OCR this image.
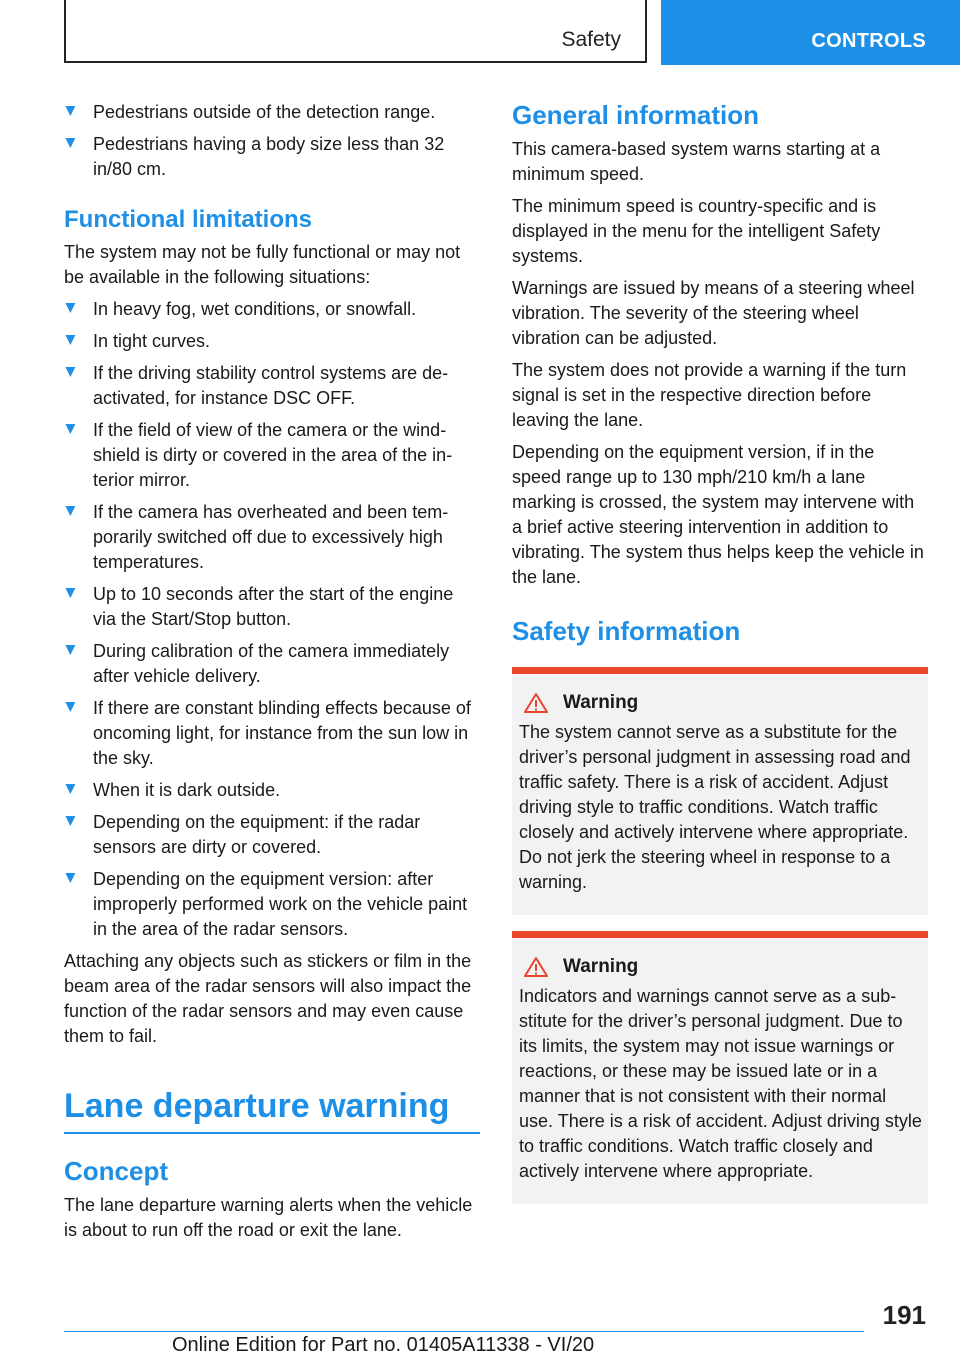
Safety	CONTROLS
▶ Pedestrians outside of the detection range.
▶ Pedestrians having a body size less than 32 in/80 cm.
Functional limitations

The system may not be fully functional or may not be available in the following situations:

▶ In heavy fog, wet conditions, or snowfall.
▶ In tight curves.
▶ If the driving stability control systems are deactivated, for instance DSC OFF.
▶ If the field of view of the camera or the windshield is dirty or covered in the area of the interior mirror.
▶ If the camera has overheated and been temporarily switched off due to excessively high temperatures.
▶ Up to 10 seconds after the start of the engine via the Start/Stop button.
▶ During calibration of the camera immediately after vehicle delivery.
▶ If there are constant blinding effects because of oncoming light, for instance from the sun low in the sky.
▶ When it is dark outside.
▶ Depending on the equipment: if the radar sensors are dirty or covered.
▶ Depending on the equipment version: after improperly performed work on the vehicle paint in the area of the radar sensors.

Attaching any objects such as stickers or film in the beam area of the radar sensors will also impact the function of the radar sensors and may even cause them to fail.

Lane departure warning
Concept

The lane departure warning alerts when the vehicle is about to run off the road or exit the lane.

General information

This camera-based system warns starting at a minimum speed.

The minimum speed is country-specific and is displayed in the menu for the intelligent Safety systems.

Warnings are issued by means of a steering wheel vibration. The severity of the steering wheel vibration can be adjusted.

The system does not provide a warning if the turn signal is set in the respective direction before leaving the lane.

Depending on the equipment version, if in the speed range up to 130 mph/210 km/h a lane marking is crossed, the system may intervene with a brief active steering intervention in addition to vibrating. The system thus helps keep the vehicle in the lane.

Safety information
Warning

The system cannot serve as a substitute for the driver’s personal judgment in assessing road and traffic safety. There is a risk of accident. Adjust driving style to traffic conditions. Watch traffic closely and actively intervene where appropriate. Do not jerk the steering wheel in response to a warning.

Warning

Indicators and warnings cannot serve as a substitute for the driver’s personal judgment. Due to its limits, the system may not issue warnings or reactions, or these may be issued late or in a manner that is not consistent with their normal use. There is a risk of accident. Adjust driving style to traffic conditions. Watch traffic closely and actively intervene where appropriate.

191
Online Edition for Part no. 01405A11338 - VI/20
